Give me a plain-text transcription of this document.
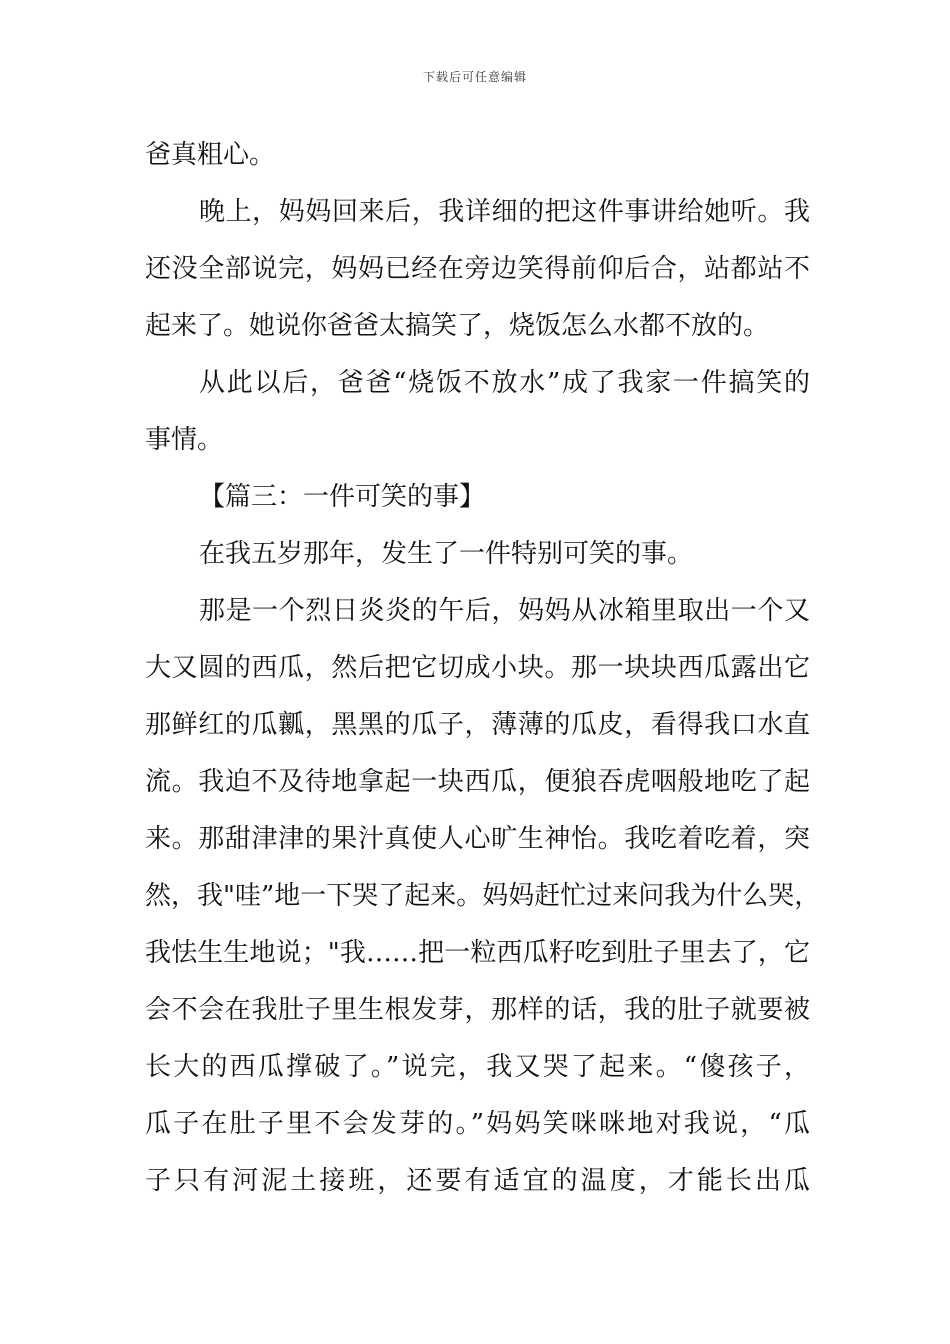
下载后可任意编辑
爸真粗心。
晚上，妈妈回来后，我详细的把这件事讲给她听。我
还没全部说完，妈妈已经在旁边笑得前仰后合，站都站不
起来了。她说你爸爸太搞笑了，烧饭怎么水都不放的。
从此以后，爸爸“烧饭不放水”成了我家一件搞笑的
事情。
【篇三：一件可笑的事】
在我五岁那年，发生了一件特别可笑的事。
那是一个烈日炎炎的午后，妈妈从冰箱里取出一个又
大又圆的西瓜，然后把它切成小块。那一块块西瓜露出它
那鲜红的瓜瓤，黑黑的瓜子，薄薄的瓜皮，看得我口水直
流。我迫不及待地拿起一块西瓜，便狼吞虎咽般地吃了起
来。那甜津津的果汁真使人心旷生神怡。我吃着吃着，突
然，我"哇”地一下哭了起来。妈妈赶忙过来问我为什么哭，
我怯生生地说；"我……把一粒西瓜籽吃到肚子里去了，它
会不会在我肚子里生根发芽，那样的话，我的肚子就要被
长大的西瓜撑破了。”说完，我又哭了起来。“傻孩子，
瓜子在肚子里不会发芽的。”妈妈笑咪咪地对我说，“瓜
子只有河泥土接班，还要有适宜的温度，才能长出瓜
